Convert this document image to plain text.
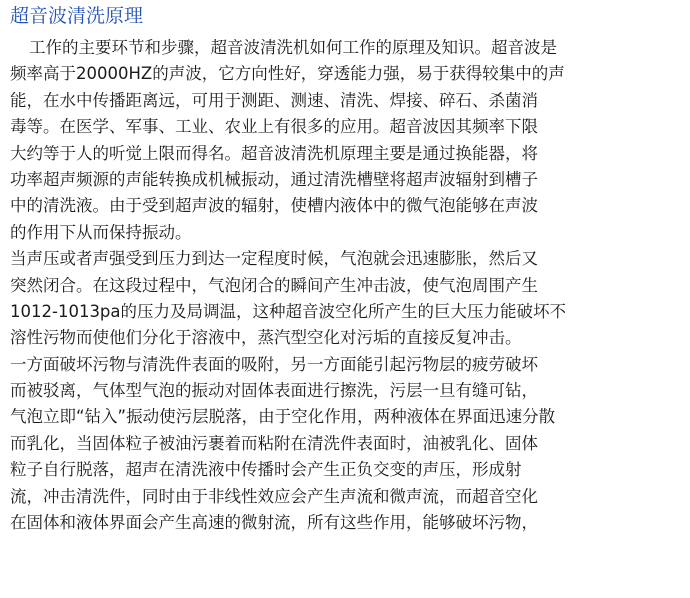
超音波清洗原理
工作的主要环节和步骤，超音波清洗机如何工作的原理及知识。超音波是
频率高于20000HZ的声波，它方向性好，穿透能力强，易于获得较集中的声
能，在水中传播距离远，可用于测距、测速、清洗、焊接、碎石、杀菌消
毒等。在医学、军事、工业、农业上有很多的应用。超音波因其频率下限
大约等于人的听觉上限而得名。超音波清洗机原理主要是通过换能器，将
功率超声频源的声能转换成机械振动，通过清洗槽壁将超声波辐射到槽子
中的清洗液。由于受到超声波的辐射，使槽内液体中的微气泡能够在声波
的作用下从而保持振动。
当声压或者声强受到压力到达一定程度时候，气泡就会迅速膨胀，然后又
突然闭合。在这段过程中，气泡闭合的瞬间产生冲击波，使气泡周围产生
1012-1013pa的压力及局调温，这种超音波空化所产生的巨大压力能破坏不
溶性污物而使他们分化于溶液中，蒸汽型空化对污垢的直接反复冲击。
一方面破坏污物与清洗件表面的吸附，另一方面能引起污物层的疲劳破坏
而被驳离，气体型气泡的振动对固体表面进行擦洗，污层一旦有缝可钻，
气泡立即“钻入”振动使污层脱落，由于空化作用，两种液体在界面迅速分散
而乳化，当固体粒子被油污裹着而粘附在清洗件表面时，油被乳化、固体
粒子自行脱落，超声在清洗液中传播时会产生正负交变的声压，形成射
流，冲击清洗件，同时由于非线性效应会产生声流和微声流，而超音空化
在固体和液体界面会产生高速的微射流，所有这些作用，能够破坏污物，
